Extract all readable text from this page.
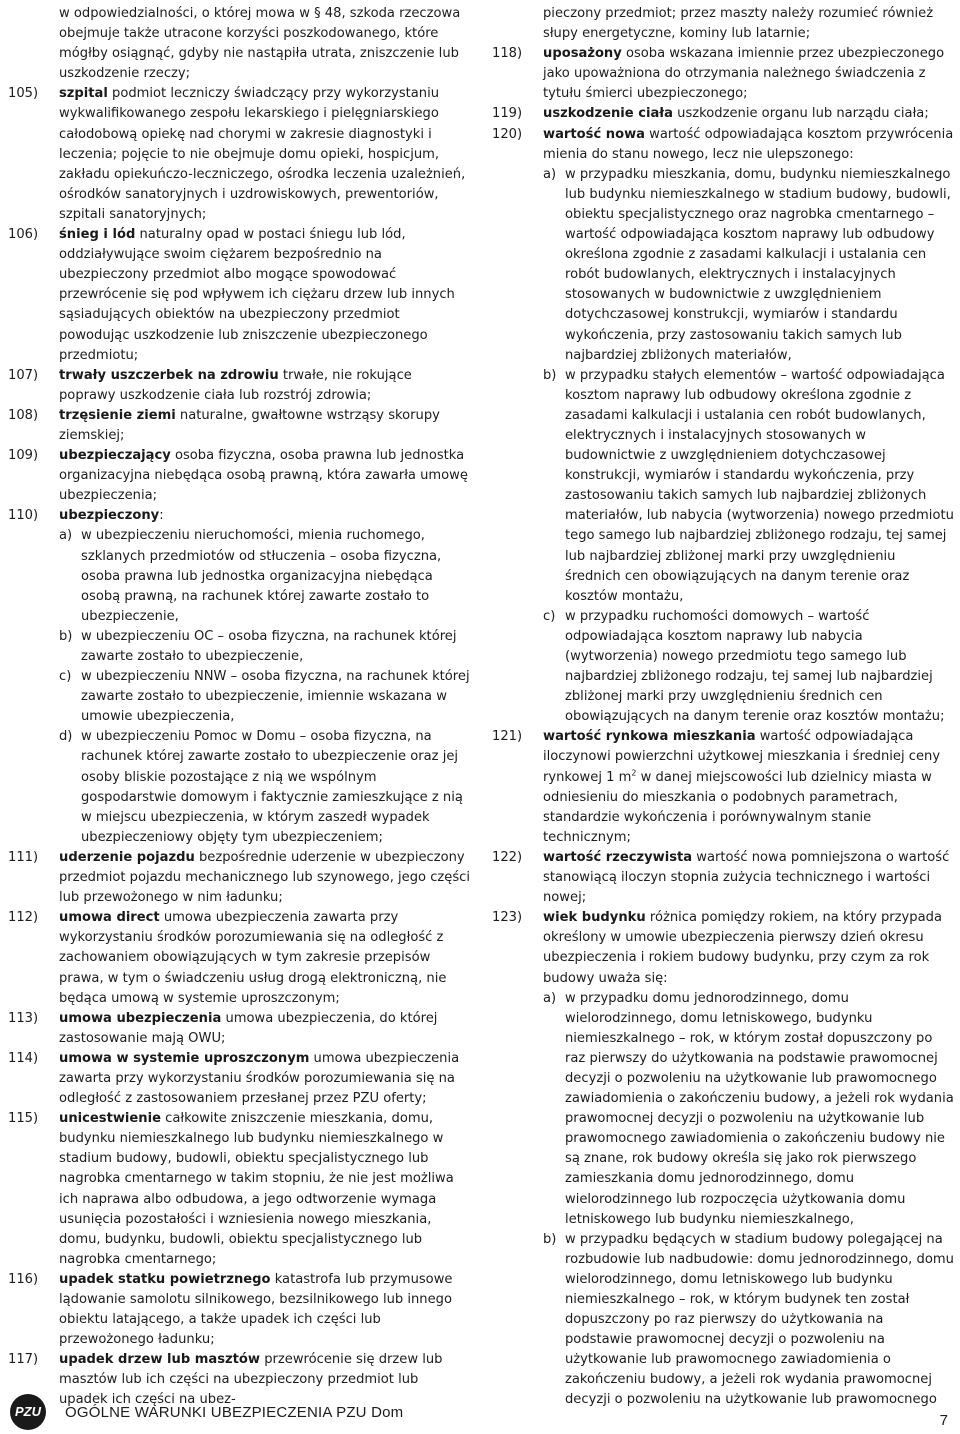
w odpowiedzialności, o której mowa w § 48, szkoda rzeczowa obejmuje także utracone korzyści poszkodowanego, które mógłby osiągnąć, gdyby nie nastąpiła utrata, zniszczenie lub uszkodzenie rzeczy;
105) szpital podmiot leczniczy świadczący przy wykorzystaniu wykwalifikowanego zespołu lekarskiego i pielęgniarskiego całodobową opiekę nad chorymi w zakresie diagnostyki i leczenia; pojęcie to nie obejmuje domu opieki, hospicjum, zakładu opiekuńczo-leczniczego, ośrodka leczenia uzależnień, ośrodków sanatoryjnych i uzdrowiskowych, prewentoriów, szpitali sanatoryjnych;
106) śnieg i lód naturalny opad w postaci śniegu lub lód, oddziaływujące swoim ciężarem bezpośrednio na ubezpieczony przedmiot albo mogące spowodować przewrócenie się pod wpływem ich ciężaru drzew lub innych sąsiadujących obiektów na ubezpieczony przedmiot powodując uszkodzenie lub zniszczenie ubezpieczonego przedmiotu;
107) trwały uszczerbek na zdrowiu trwałe, nie rokujące poprawy uszkodzenie ciała lub rozstrój zdrowia;
108) trzęsienie ziemi naturalne, gwałtowne wstrząsy skorupy ziemskiej;
109) ubezpieczający osoba fizyczna, osoba prawna lub jednostka organizacyjna niebędąca osobą prawną, która zawarła umowę ubezpieczenia;
110) ubezpieczony:
a) w ubezpieczeniu nieruchomości, mienia ruchomego, szklanych przedmiotów od stłuczenia – osoba fizyczna, osoba prawna lub jednostka organizacyjna niebędąca osobą prawną, na rachunek której zawarte zostało to ubezpieczenie,
b) w ubezpieczeniu OC – osoba fizyczna, na rachunek której zawarte zostało to ubezpieczenie,
c) w ubezpieczeniu NNW – osoba fizyczna, na rachunek której zawarte zostało to ubezpieczenie, imiennie wskazana w umowie ubezpieczenia,
d) w ubezpieczeniu Pomoc w Domu – osoba fizyczna, na rachunek której zawarte zostało to ubezpieczenie oraz jej osoby bliskie pozostające z nią we wspólnym gospodarstwie domowym i faktycznie zamieszkujące z nią w miejscu ubezpieczenia, w którym zaszedł wypadek ubezpieczeniowy objęty tym ubezpieczeniem;
111) uderzenie pojazdu bezpośrednie uderzenie w ubezpieczony przedmiot pojazdu mechanicznego lub szynowego, jego części lub przewożonego w nim ładunku;
112) umowa direct umowa ubezpieczenia zawarta przy wykorzystaniu środków porozumiewania się na odległość z zachowaniem obowiązujących w tym zakresie przepisów prawa, w tym o świadczeniu usług drogą elektroniczną, nie będąca umową w systemie uproszczonym;
113) umowa ubezpieczenia umowa ubezpieczenia, do której zastosowanie mają OWU;
114) umowa w systemie uproszczonym umowa ubezpieczenia zawarta przy wykorzystaniu środków porozumiewania się na odległość z zastosowaniem przesłanej przez PZU oferty;
115) unicestwienie całkowite zniszczenie mieszkania, domu, budynku niemieszkalnego lub budynku niemieszkalnego w stadium budowy, budowli, obiektu specjalistycznego lub nagrobka cmentarnego w takim stopniu, że nie jest możliwa ich naprawa albo odbudowa, a jego odtworzenie wymaga usunięcia pozostałości i wzniesienia nowego mieszkania, domu, budynku, budowli, obiektu specjalistycznego lub nagrobka cmentarnego;
116) upadek statku powietrznego katastrofa lub przymusowe lądowanie samolotu silnikowego, bezsilnikowego lub innego obiektu latającego, a także upadek ich części lub przewożonego ładunku;
117) upadek drzew lub masztów przewrócenie się drzew lub masztów lub ich części na ubezpieczony przedmiot lub upadek ich części na ubez-
pieczony przedmiot; przez maszty należy rozumieć również słupy energetyczne, kominy lub latarnie;
118) uposażony osoba wskazana imiennie przez ubezpieczonego jako upoważniona do otrzymania należnego świadczenia z tytułu śmierci ubezpieczonego;
119) uszkodzenie ciała uszkodzenie organu lub narządu ciała;
120) wartość nowa wartość odpowiadająca kosztom przywrócenia mienia do stanu nowego, lecz nie ulepszonego:
a) w przypadku mieszkania, domu, budynku niemieszkalnego lub budynku niemieszkalnego w stadium budowy, budowli, obiektu specjalistycznego oraz nagrobka cmentarnego – wartość odpowiadająca kosztom naprawy lub odbudowy określona zgodnie z zasadami kalkulacji i ustalania cen robót budowlanych, elektrycznych i instalacyjnych stosowanych w budownictwie z uwzględnieniem dotychczasowej konstrukcji, wymiarów i standardu wykończenia, przy zastosowaniu takich samych lub najbardziej zbliżonych materiałów,
b) w przypadku stałych elementów – wartość odpowiadająca kosztom naprawy lub odbudowy określona zgodnie z zasadami kalkulacji i ustalania cen robót budowlanych, elektrycznych i instalacyjnych stosowanych w budownictwie z uwzględnieniem dotychczasowej konstrukcji, wymiarów i standardu wykończenia, przy zastosowaniu takich samych lub najbardziej zbliżonych materiałów, lub nabycia (wytworzenia) nowego przedmiotu tego samego lub najbardziej zbliżonego rodzaju, tej samej lub najbardziej zbliżonej marki przy uwzględnieniu średnich cen obowiązujących na danym terenie oraz kosztów montażu,
c) w przypadku ruchomości domowych – wartość odpowiadająca kosztom naprawy lub nabycia (wytworzenia) nowego przedmiotu tego samego lub najbardziej zbliżonego rodzaju, tej samej lub najbardziej zbliżonej marki przy uwzględnieniu średnich cen obowiązujących na danym terenie oraz kosztów montażu;
121) wartość rynkowa mieszkania wartość odpowiadająca iloczynowi powierzchni użytkowej mieszkania i średniej ceny rynkowej 1 $m^2$ w danej miejscowości lub dzielnicy miasta w odniesieniu do mieszkania o podobnych parametrach, standardzie wykończenia i porównywalnym stanie technicznym;
122) wartość rzeczywista wartość nowa pomniejszona o wartość stanowiącą iloczyn stopnia zużycia technicznego i wartości nowej;
123) wiek budynku różnica pomiędzy rokiem, na który przypada określony w umowie ubezpieczenia pierwszy dzień okresu ubezpieczenia i rokiem budowy budynku, przy czym za rok budowy uważa się:
a) w przypadku domu jednorodzinnego, domu wielorodzinnego, domu letniskowego, budynku niemieszkalnego – rok, w którym został dopuszczony po raz pierwszy do użytkowania na podstawie prawomocnej decyzji o pozwoleniu na użytkowanie lub prawomocnego zawiadomienia o zakończeniu budowy, a jeżeli rok wydania prawomocnej decyzji o pozwoleniu na użytkowanie lub prawomocnego zawiadomienia o zakończeniu budowy nie są znane, rok budowy określa się jako rok pierwszego zamieszkania domu jednorodzinnego, domu wielorodzinnego lub rozpoczęcia użytkowania domu letniskowego lub budynku niemieszkalnego,
b) w przypadku będących w stadium budowy polegającej na rozbudowie lub nadbudowie: domu jednorodzinnego, domu wielorodzinnego, domu letniskowego lub budynku niemieszkalnego – rok, w którym budynek ten został dopuszczony po raz pierwszy do użytkowania na podstawie prawomocnej decyzji o pozwoleniu na użytkowanie lub prawomocnego zawiadomienia o zakończeniu budowy, a jeżeli rok wydania prawomocnej decyzji o pozwoleniu na użytkowanie lub prawomocnego
PZU	OGÓLNE WARUNKI UBEZPIECZENIA PZU Dom	7
